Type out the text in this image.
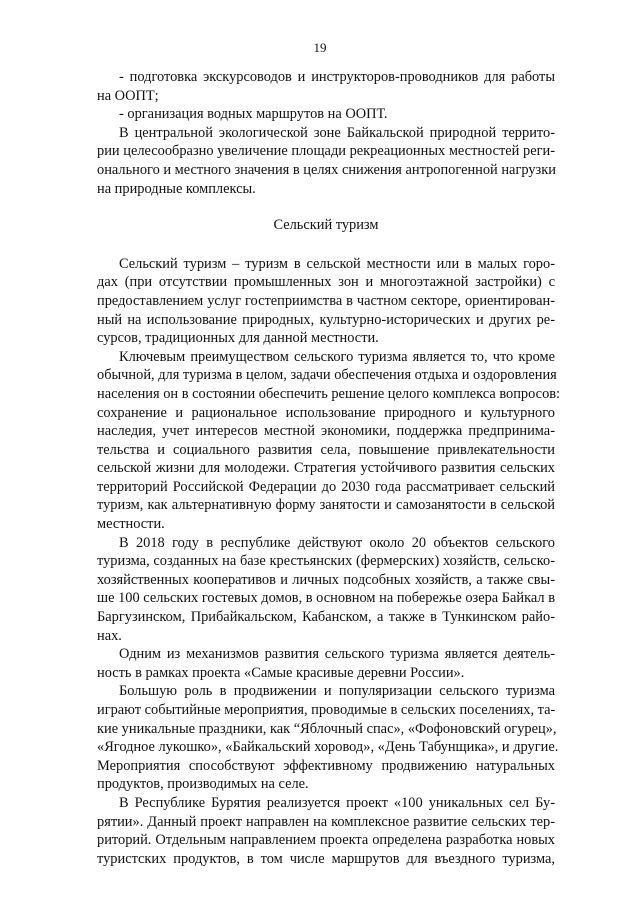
19
- подготовка экскурсоводов и инструкторов-проводников для работы
на ООПТ;
- организация водных маршрутов на ООПТ.
В центральной экологической зоне Байкальской природной террито-
рии целесообразно увеличение площади рекреационных местностей реги-
онального и местного значения в целях снижения антропогенной нагрузки
на природные комплексы.
Сельский туризм
Сельский туризм – туризм в сельской местности или в малых горо-
дах (при отсутствии промышленных зон и многоэтажной застройки) с
предоставлением услуг гостеприимства в частном секторе, ориентирован-
ный на использование природных, культурно-исторических и других ре-
сурсов, традиционных для данной местности.
Ключевым преимуществом сельского туризма является то, что кроме
обычной, для туризма в целом, задачи обеспечения отдыха и оздоровления
населения он в состоянии обеспечить решение целого комплекса вопросов:
сохранение и рациональное использование природного и культурного
наследия, учет интересов местной экономики, поддержка предпринима-
тельства и социального развития села, повышение привлекательности
сельской жизни для молодежи. Стратегия устойчивого развития сельских
территорий Российской Федерации до 2030 года рассматривает сельский
туризм, как альтернативную форму занятости и самозанятости в сельской
местности.
В 2018 году в республике действуют около 20 объектов сельского
туризма, созданных на базе крестьянских (фермерских) хозяйств, сельско-
хозяйственных кооперативов и личных подсобных хозяйств, а также свы-
ше 100 сельских гостевых домов, в основном на побережье озера Байкал в
Баргузинском, Прибайкальском, Кабанском, а также в Тункинском райо-
нах.
Одним из механизмов развития сельского туризма является деятель-
ность в рамках проекта «Самые красивые деревни России».
Большую роль в продвижении и популяризации сельского туризма
играют событийные мероприятия, проводимые в сельских поселениях, та-
кие уникальные праздники, как “Яблочный спас», «Фофоновский огурец»,
«Ягодное лукошко», «Байкальский хоровод», «День Табунщика», и другие.
Мероприятия способствуют эффективному продвижению натуральных
продуктов, производимых на селе.
В Республике Бурятия реализуется проект «100 уникальных сел Бу-
рятии». Данный проект направлен на комплексное развитие сельских тер-
риторий. Отдельным направлением проекта определена разработка новых
туристских продуктов, в том числе маршрутов для въездного туризма,
